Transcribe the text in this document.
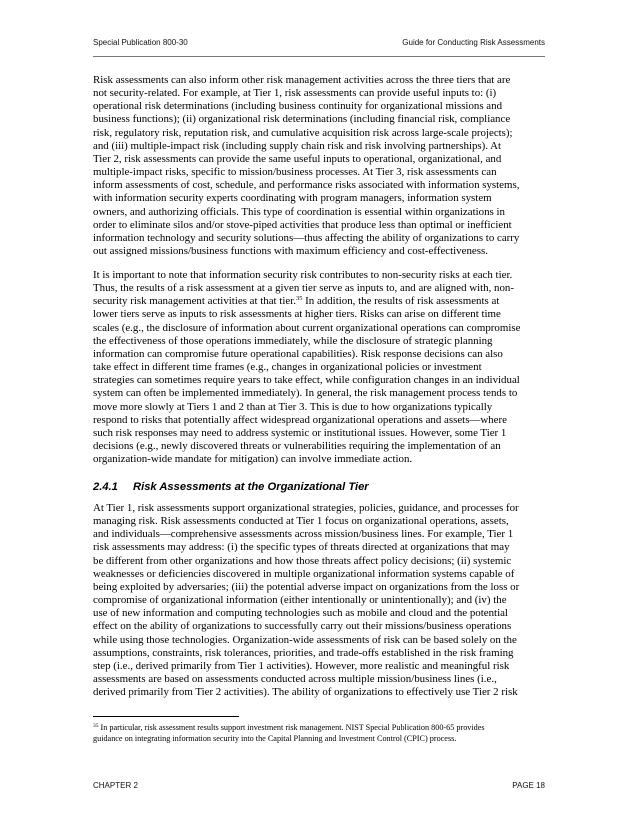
Special Publication 800-30	Guide for Conducting Risk Assessments
Risk assessments can also inform other risk management activities across the three tiers that are
not security-related. For example, at Tier 1, risk assessments can provide useful inputs to: (i)
operational risk determinations (including business continuity for organizational missions and
business functions); (ii) organizational risk determinations (including financial risk, compliance
risk, regulatory risk, reputation risk, and cumulative acquisition risk across large-scale projects);
and (iii) multiple-impact risk (including supply chain risk and risk involving partnerships). At
Tier 2, risk assessments can provide the same useful inputs to operational, organizational, and
multiple-impact risks, specific to mission/business processes. At Tier 3, risk assessments can
inform assessments of cost, schedule, and performance risks associated with information systems,
with information security experts coordinating with program managers, information system
owners, and authorizing officials. This type of coordination is essential within organizations in
order to eliminate silos and/or stove-piped activities that produce less than optimal or inefficient
information technology and security solutions—thus affecting the ability of organizations to carry
out assigned missions/business functions with maximum efficiency and cost-effectiveness.
It is important to note that information security risk contributes to non-security risks at each tier.
Thus, the results of a risk assessment at a given tier serve as inputs to, and are aligned with, non-
security risk management activities at that tier.$^{35}$ In addition, the results of risk assessments at
lower tiers serve as inputs to risk assessments at higher tiers. Risks can arise on different time
scales (e.g., the disclosure of information about current organizational operations can compromise
the effectiveness of those operations immediately, while the disclosure of strategic planning
information can compromise future operational capabilities). Risk response decisions can also
take effect in different time frames (e.g., changes in organizational policies or investment
strategies can sometimes require years to take effect, while configuration changes in an individual
system can often be implemented immediately). In general, the risk management process tends to
move more slowly at Tiers 1 and 2 than at Tier 3. This is due to how organizations typically
respond to risks that potentially affect widespread organizational operations and assets—where
such risk responses may need to address systemic or institutional issues. However, some Tier 1
decisions (e.g., newly discovered threats or vulnerabilities requiring the implementation of an
organization-wide mandate for mitigation) can involve immediate action.
2.4.1 Risk Assessments at the Organizational Tier
At Tier 1, risk assessments support organizational strategies, policies, guidance, and processes for
managing risk. Risk assessments conducted at Tier 1 focus on organizational operations, assets,
and individuals—comprehensive assessments across mission/business lines. For example, Tier 1
risk assessments may address: (i) the specific types of threats directed at organizations that may
be different from other organizations and how those threats affect policy decisions; (ii) systemic
weaknesses or deficiencies discovered in multiple organizational information systems capable of
being exploited by adversaries; (iii) the potential adverse impact on organizations from the loss or
compromise of organizational information (either intentionally or unintentionally); and (iv) the
use of new information and computing technologies such as mobile and cloud and the potential
effect on the ability of organizations to successfully carry out their missions/business operations
while using those technologies. Organization-wide assessments of risk can be based solely on the
assumptions, constraints, risk tolerances, priorities, and trade-offs established in the risk framing
step (i.e., derived primarily from Tier 1 activities). However, more realistic and meaningful risk
assessments are based on assessments conducted across multiple mission/business lines (i.e.,
derived primarily from Tier 2 activities). The ability of organizations to effectively use Tier 2 risk
$^{35}$ In particular, risk assessment results support investment risk management. NIST Special Publication 800-65 provides
guidance on integrating information security into the Capital Planning and Investment Control (CPIC) process.
CHAPTER 2	PAGE 18
